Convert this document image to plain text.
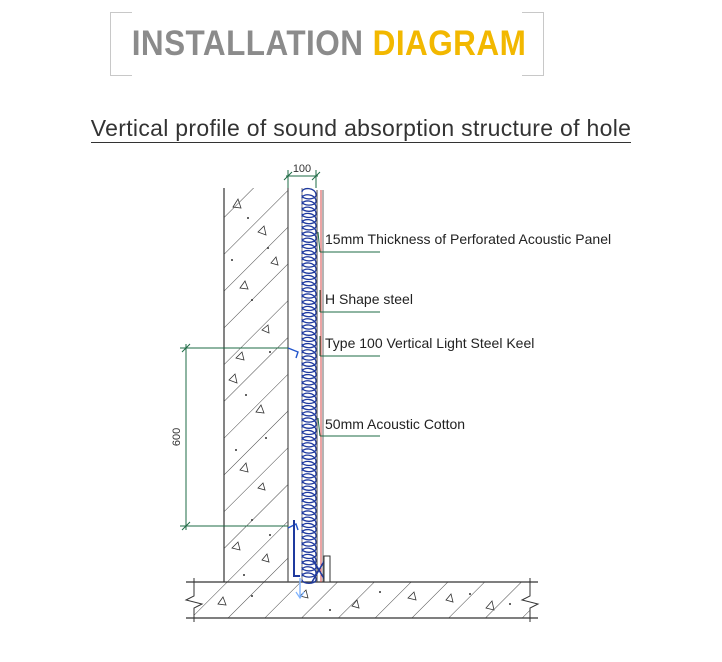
INSTALLATION DIAGRAM
Vertical profile of sound absorption structure of hole
100
600
15mm Thickness of Perforated Acoustic Panel
H Shape steel
Type 100 Vertical Light Steel Keel
50mm Acoustic Cotton
